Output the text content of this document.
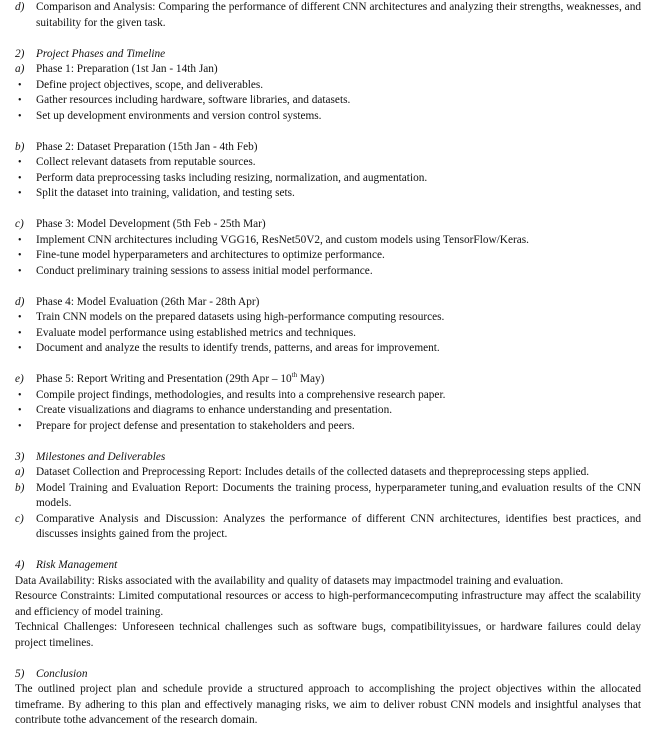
d) Comparison and Analysis: Comparing the performance of different CNN architectures and analyzing their strengths, weaknesses, and suitability for the given task.
2) Project Phases and Timeline
a) Phase 1: Preparation (1st Jan - 14th Jan)
• Define project objectives, scope, and deliverables.
• Gather resources including hardware, software libraries, and datasets.
• Set up development environments and version control systems.
b) Phase 2: Dataset Preparation (15th Jan - 4th Feb)
• Collect relevant datasets from reputable sources.
• Perform data preprocessing tasks including resizing, normalization, and augmentation.
• Split the dataset into training, validation, and testing sets.
c) Phase 3: Model Development (5th Feb - 25th Mar)
• Implement CNN architectures including VGG16, ResNet50V2, and custom models using TensorFlow/Keras.
• Fine-tune model hyperparameters and architectures to optimize performance.
• Conduct preliminary training sessions to assess initial model performance.
d) Phase 4: Model Evaluation (26th Mar - 28th Apr)
• Train CNN models on the prepared datasets using high-performance computing resources.
• Evaluate model performance using established metrics and techniques.
• Document and analyze the results to identify trends, patterns, and areas for improvement.
e) Phase 5: Report Writing and Presentation (29th Apr – 10th May)
• Compile project findings, methodologies, and results into a comprehensive research paper.
• Create visualizations and diagrams to enhance understanding and presentation.
• Prepare for project defense and presentation to stakeholders and peers.
3) Milestones and Deliverables
a) Dataset Collection and Preprocessing Report: Includes details of the collected datasets and thepreprocessing steps applied.
b) Model Training and Evaluation Report: Documents the training process, hyperparameter tuning,and evaluation results of the CNN models.
c) Comparative Analysis and Discussion: Analyzes the performance of different CNN architectures, identifies best practices, and discusses insights gained from the project.
4) Risk Management
Data Availability: Risks associated with the availability and quality of datasets may impactmodel training and evaluation.
Resource Constraints: Limited computational resources or access to high-performancecomputing infrastructure may affect the scalability and efficiency of model training.
Technical Challenges: Unforeseen technical challenges such as software bugs, compatibilityissues, or hardware failures could delay project timelines.
5) Conclusion
The outlined project plan and schedule provide a structured approach to accomplishing the project objectives within the allocated timeframe. By adhering to this plan and effectively managing risks, we aim to deliver robust CNN models and insightful analyses that contribute tothe advancement of the research domain.
